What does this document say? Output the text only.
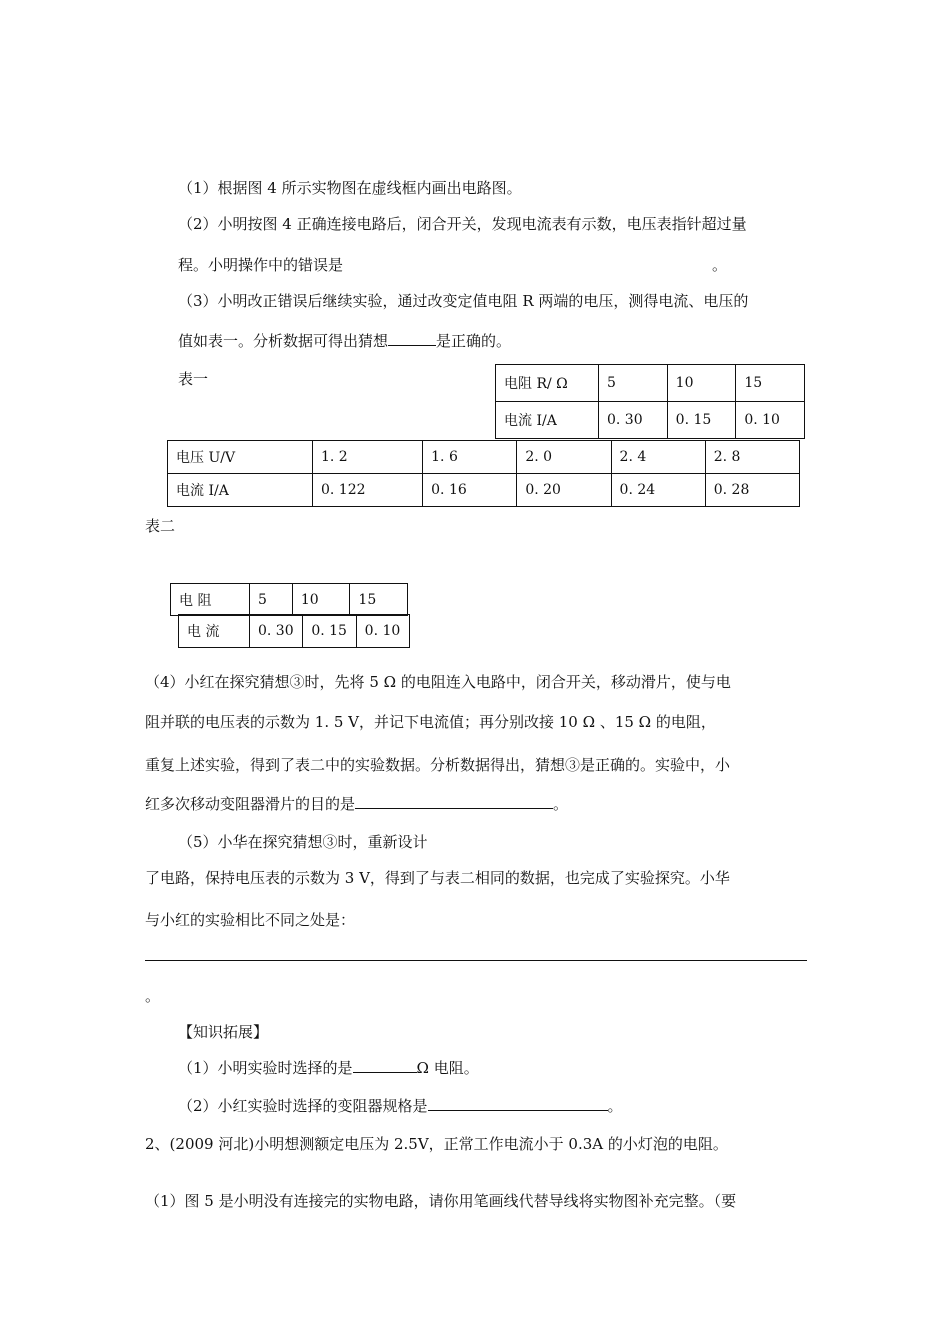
（1）根据图 4 所示实物图在虚线框内画出电路图。
（2）小明按图 4 正确连接电路后，闭合开关，发现电流表有示数，电压表指针超过量
程。小明操作中的错误是	。
（3）小明改正错误后继续实验，通过改变定值电阻 R 两端的电压，测得电流、电压的
值如表一。分析数据可得出猜想	是正确的。
表一	电阻 R/ Ω	5	10	15
电流 I/A	0. 30	0. 15	0. 10
电压 U/V	1. 2	1. 6	2. 0	2. 4	2. 8
电流 I/A	0. 122	0. 16	0. 20	0. 24	0. 28
表二
电 阻	5	10	15
电 流	0. 30	0. 15	0. 10
（4）小红在探究猜想③时，先将 5 Ω 的电阻连入电路中，闭合开关，移动滑片，使与电
阻并联的电压表的示数为 1. 5 V，并记下电流值；再分别改接 10 Ω 、15 Ω 的电阻，
重复上述实验，得到了表二中的实验数据。分析数据得出，猜想③是正确的。实验中，小
红多次移动变阻器滑片的目的是	。
（5）小华在探究猜想③时，重新设计
了电路，保持电压表的示数为 3 V，得到了与表二相同的数据，也完成了实验探究。小华
与小红的实验相比不同之处是：
。
【知识拓展】
（1）小明实验时选择的是	Ω 电阻。
（2）小红实验时选择的变阻器规格是	。
2、(2009 河北)小明想测额定电压为 2.5V，正常工作电流小于 0.3A 的小灯泡的电阻。
（1）图 5 是小明没有连接完的实物电路，请你用笔画线代替导线将实物图补充完整。（要
